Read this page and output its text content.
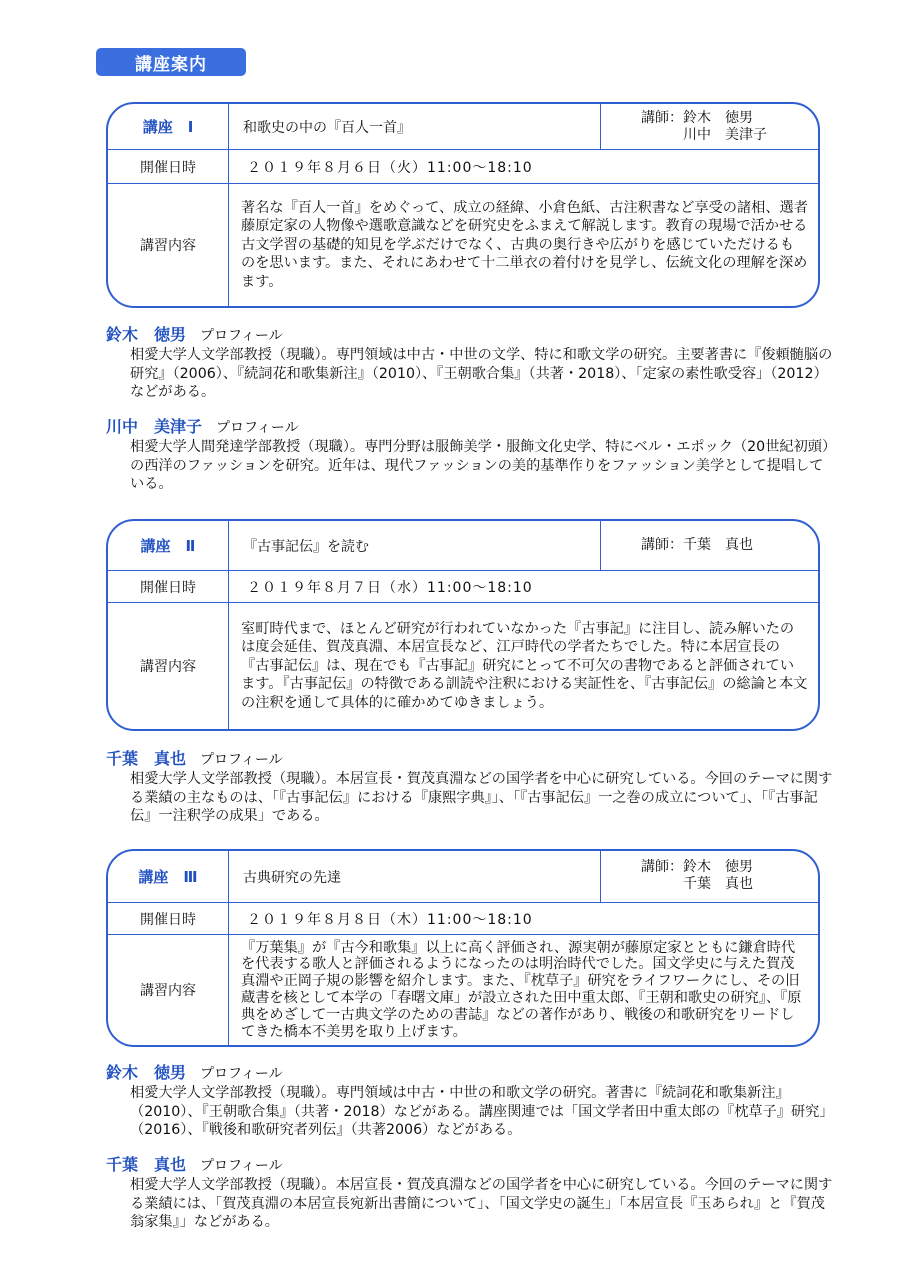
講座案内
講座　Ⅰ	和歌史の中の『百人一首』
講師：鈴木　徳男
　　　川中　美津子
開催日時	２０１９年８月６日（火）11:00〜18:10
講習内容
著名な『百人一首』をめぐって、成立の経緯、小倉色紙、古注釈書など享受の諸相、選者藤原定家の人物像や選歌意識などを研究史をふまえて解説します。教育の現場で活かせる古文学習の基礎的知見を学ぶだけでなく、古典の奥行きや広がりを感じていただけるものを思います。また、それにあわせて十二単衣の着付けを見学し、伝統文化の理解を深めます。
鈴木　徳男 プロフィール
相愛大学人文学部教授（現職）。専門領域は中古・中世の文学、特に和歌文学の研究。主要著書に『俊頼髄脳の研究』（2006）、『続詞花和歌集新注』（2010）、『王朝歌合集』（共著・2018）、「定家の素性歌受容」（2012）などがある。
川中　美津子 プロフィール
相愛大学人間発達学部教授（現職）。専門分野は服飾美学・服飾文化史学、特にベル・エポック（20世紀初頭）の西洋のファッションを研究。近年は、現代ファッションの美的基準作りをファッション美学として提唱している。
講座　Ⅱ	『古事記伝』を読む	講師：千葉　真也
開催日時	２０１９年８月７日（水）11:00〜18:10
講習内容
室町時代まで、ほとんど研究が行われていなかった『古事記』に注目し、読み解いたのは度会延佳、賀茂真淵、本居宣長など、江戸時代の学者たちでした。特に本居宣長の『古事記伝』は、現在でも『古事記』研究にとって不可欠の書物であると評価されています。『古事記伝』の特徴である訓読や注釈における実証性を、『古事記伝』の総論と本文の注釈を通して具体的に確かめてゆきましょう。
千葉　真也 プロフィール
相愛大学人文学部教授（現職）。本居宣長・賀茂真淵などの国学者を中心に研究している。今回のテーマに関する業績の主なものは、「『古事記伝』における『康熙字典』」、「『古事記伝』一之巻の成立について」、「『古事記伝』一注釈学の成果」である。
講座　Ⅲ	古典研究の先達
講師：鈴木　徳男
　　　千葉　真也
開催日時	２０１９年８月８日（木）11:00〜18:10
講習内容
『万葉集』が『古今和歌集』以上に高く評価され、源実朝が藤原定家とともに鎌倉時代を代表する歌人と評価されるようになったのは明治時代でした。国文学史に与えた賀茂真淵や正岡子規の影響を紹介します。また、『枕草子』研究をライフワークにし、その旧蔵書を核として本学の「春曙文庫」が設立された田中重太郎、『王朝和歌史の研究』、『原典をめざして一古典文学のための書誌』などの著作があり、戦後の和歌研究をリードしてきた橋本不美男を取り上げます。
鈴木　徳男 プロフィール
相愛大学人文学部教授（現職）。専門領域は中古・中世の和歌文学の研究。著書に『続詞花和歌集新注』（2010）、『王朝歌合集』（共著・2018）などがある。講座関連では「国文学者田中重太郎の『枕草子』研究」（2016）、『戦後和歌研究者列伝』（共著2006）などがある。
千葉　真也 プロフィール
相愛大学人文学部教授（現職）。本居宣長・賀茂真淵などの国学者を中心に研究している。今回のテーマに関する業績には、「賀茂真淵の本居宣長宛新出書簡について」、「国文学史の誕生」「本居宣長『玉あられ』と『賀茂翁家集』」などがある。
